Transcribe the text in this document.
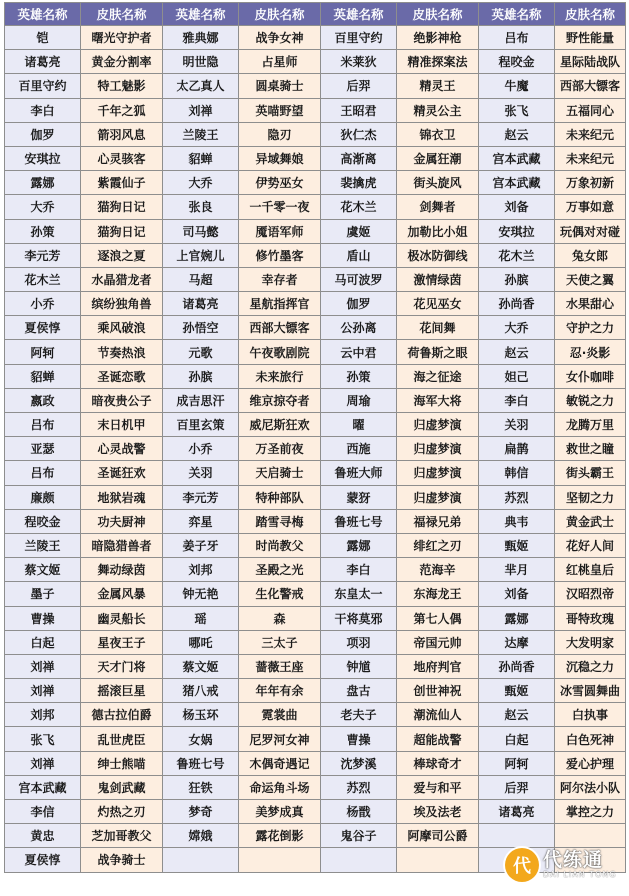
英雄名称	皮肤名称	英雄名称	皮肤名称	英雄名称	皮肤名称	英雄名称	皮肤名称
铠	曙光守护者	雅典娜	战争女神	百里守约	绝影神枪	吕布	野性能量
诸葛亮	黄金分割率	明世隐	占星师	米莱狄	精准探案法	程咬金	星际陆战队
百里守约	特工魅影	太乙真人	圆桌骑士	后羿	精灵王	牛魔	西部大镖客
李白	千年之狐	刘禅	英喵野望	王昭君	精灵公主	张飞	五福同心
伽罗	箭羽风息	兰陵王	隐刃	狄仁杰	锦衣卫	赵云	未来纪元
安琪拉	心灵骇客	貂蝉	异域舞娘	高渐离	金属狂潮	宫本武藏	未来纪元
露娜	紫霞仙子	大乔	伊势巫女	裴擒虎	街头旋风	宫本武藏	万象初新
大乔	猫狗日记	张良	一千零一夜	花木兰	剑舞者	刘备	万事如意
孙策	猫狗日记	司马懿	魇语军师	虞姬	加勒比小姐	安琪拉	玩偶对对碰
李元芳	逐浪之夏	上官婉儿	修竹墨客	盾山	极冰防御线	花木兰	兔女郎
花木兰	水晶猎龙者	马超	幸存者	马可波罗	激情绿茵	孙膑	天使之翼
小乔	缤纷独角兽	诸葛亮	星航指挥官	伽罗	花见巫女	孙尚香	水果甜心
夏侯惇	乘风破浪	孙悟空	西部大镖客	公孙离	花间舞	大乔	守护之力
阿轲	节奏热浪	元歌	午夜歌剧院	云中君	荷鲁斯之眼	赵云	忍·炎影
貂蝉	圣诞恋歌	孙膑	未来旅行	孙策	海之征途	妲己	女仆咖啡
嬴政	暗夜贵公子	成吉思汗	维京掠夺者	周瑜	海军大将	李白	敏锐之力
吕布	末日机甲	百里玄策	威尼斯狂欢	曜	归虚梦演	关羽	龙腾万里
亚瑟	心灵战警	小乔	万圣前夜	西施	归虚梦演	扁鹊	救世之瞳
吕布	圣诞狂欢	关羽	天启骑士	鲁班大师	归虚梦演	韩信	街头霸王
廉颇	地狱岩魂	李元芳	特种部队	蒙犽	归虚梦演	苏烈	坚韧之力
程咬金	功夫厨神	弈星	踏雪寻梅	鲁班七号	福禄兄弟	典韦	黄金武士
兰陵王	暗隐猎兽者	姜子牙	时尚教父	露娜	绯红之刃	甄姬	花好人间
蔡文姬	舞动绿茵	刘邦	圣殿之光	李白	范海辛	芈月	红桃皇后
墨子	金属风暴	钟无艳	生化警戒	东皇太一	东海龙王	刘备	汉昭烈帝
曹操	幽灵船长	瑶	森	干将莫邪	第七人偶	露娜	哥特玫瑰
白起	星夜王子	哪吒	三太子	项羽	帝国元帅	达摩	大发明家
刘禅	天才门将	蔡文姬	蔷薇王座	钟馗	地府判官	孙尚香	沉稳之力
刘禅	摇滚巨星	猪八戒	年年有余	盘古	创世神祝	甄姬	冰雪圆舞曲
刘邦	德古拉伯爵	杨玉环	霓裳曲	老夫子	潮流仙人	赵云	白执事
张飞	乱世虎臣	女娲	尼罗河女神	曹操	超能战警	白起	白色死神
刘禅	绅士熊喵	鲁班七号	木偶奇遇记	沈梦溪	棒球奇才	阿轲	爱心护理
宫本武藏	鬼剑武藏	狂铁	命运角斗场	苏烈	爱与和平	后羿	阿尔法小队
李信	灼热之刃	梦奇	美梦成真	杨戬	埃及法老	诸葛亮	掌控之力
黄忠	芝加哥教父	嫦娥	露花倒影	鬼谷子	阿摩司公爵		
夏侯惇	战争骑士							代 代练通
DAI LIAN TONG
